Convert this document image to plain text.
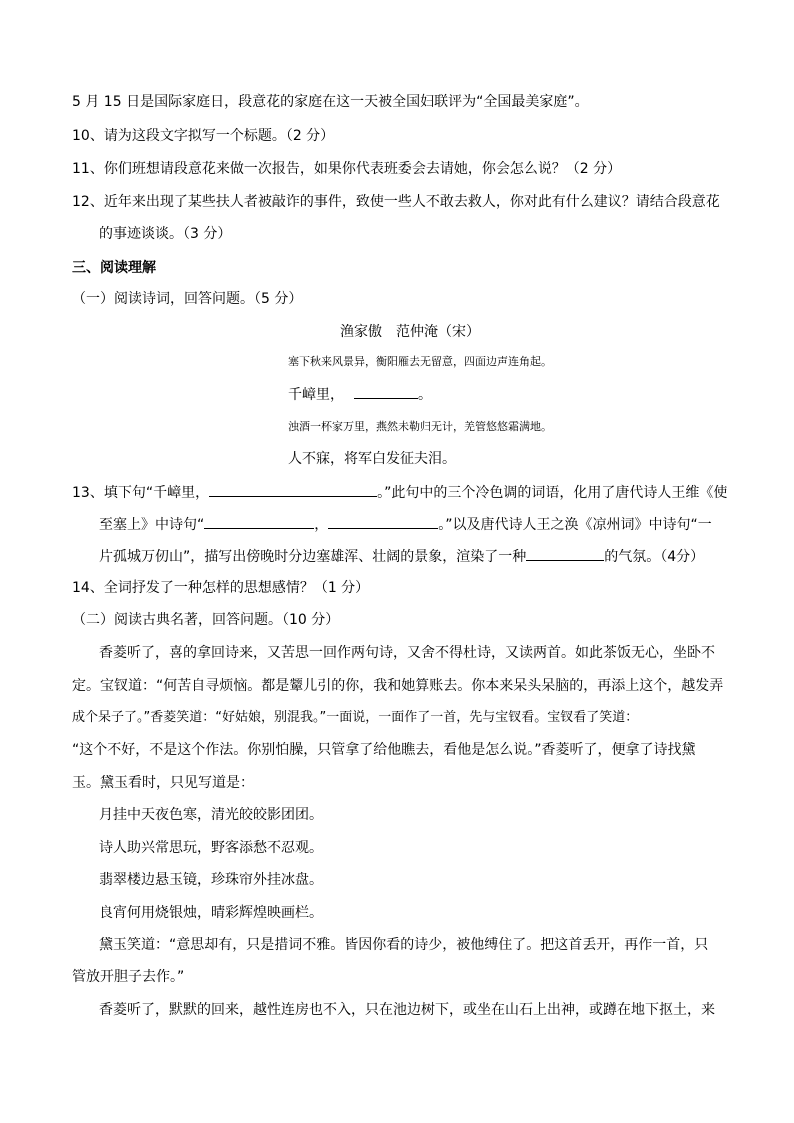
5 月 15 日是国际家庭日，段意花的家庭在这一天被全国妇联评为“全国最美家庭”。
10、请为这段文字拟写一个标题。（2 分）
11、你们班想请段意花来做一次报告，如果你代表班委会去请她，你会怎么说？（2 分）
12、近年来出现了某些扶人者被敲诈的事件，致使一些人不敢去救人，你对此有什么建议？请结合段意花
的事迹谈谈。（3 分）
三、阅读理解
（一）阅读诗词，回答问题。（5 分）
渔家傲　范仲淹（宋）
塞下秋来风景异，衡阳雁去无留意，四面边声连角起。
千嶂里，	。
浊酒一杯家万里，燕然未勒归无计，羌管悠悠霜满地。
人不寐，将军白发征夫泪。
13、填下句“千嶂里，	。”此句中的三个冷色调的词语，化用了唐代诗人王维《使
至塞上》中诗句“	，	。”以及唐代诗人王之涣《凉州词》中诗句“一
片孤城万仞山”，描写出傍晚时分边塞雄浑、壮阔的景象，渲染了一种	的气氛。（4分）
14、全词抒发了一种怎样的思想感情？（1 分）
（二）阅读古典名著，回答问题。（10 分）
香菱听了，喜的拿回诗来，又苦思一回作两句诗，又舍不得杜诗，又读两首。如此茶饭无心，坐卧不
定。宝钗道：“何苦自寻烦恼。都是颦儿引的你，我和她算账去。你本来呆头呆脑的，再添上这个，越发弄
成个呆子了。”香菱笑道：“好姑娘，别混我。”一面说，一面作了一首，先与宝钗看。宝钗看了笑道：
“这个不好，不是这个作法。你别怕臊，只管拿了给他瞧去，看他是怎么说。”香菱听了，便拿了诗找黛
玉。黛玉看时，只见写道是：
月挂中天夜色寒，清光皎皎影团团。
诗人助兴常思玩，野客添愁不忍观。
翡翠楼边悬玉镜，珍珠帘外挂冰盘。
良宵何用烧银烛，晴彩辉煌映画栏。
黛玉笑道：“意思却有，只是措词不雅。皆因你看的诗少，被他缚住了。把这首丢开，再作一首，只
管放开胆子去作。”
香菱听了，默默的回来，越性连房也不入，只在池边树下，或坐在山石上出神，或蹲在地下抠土，来
